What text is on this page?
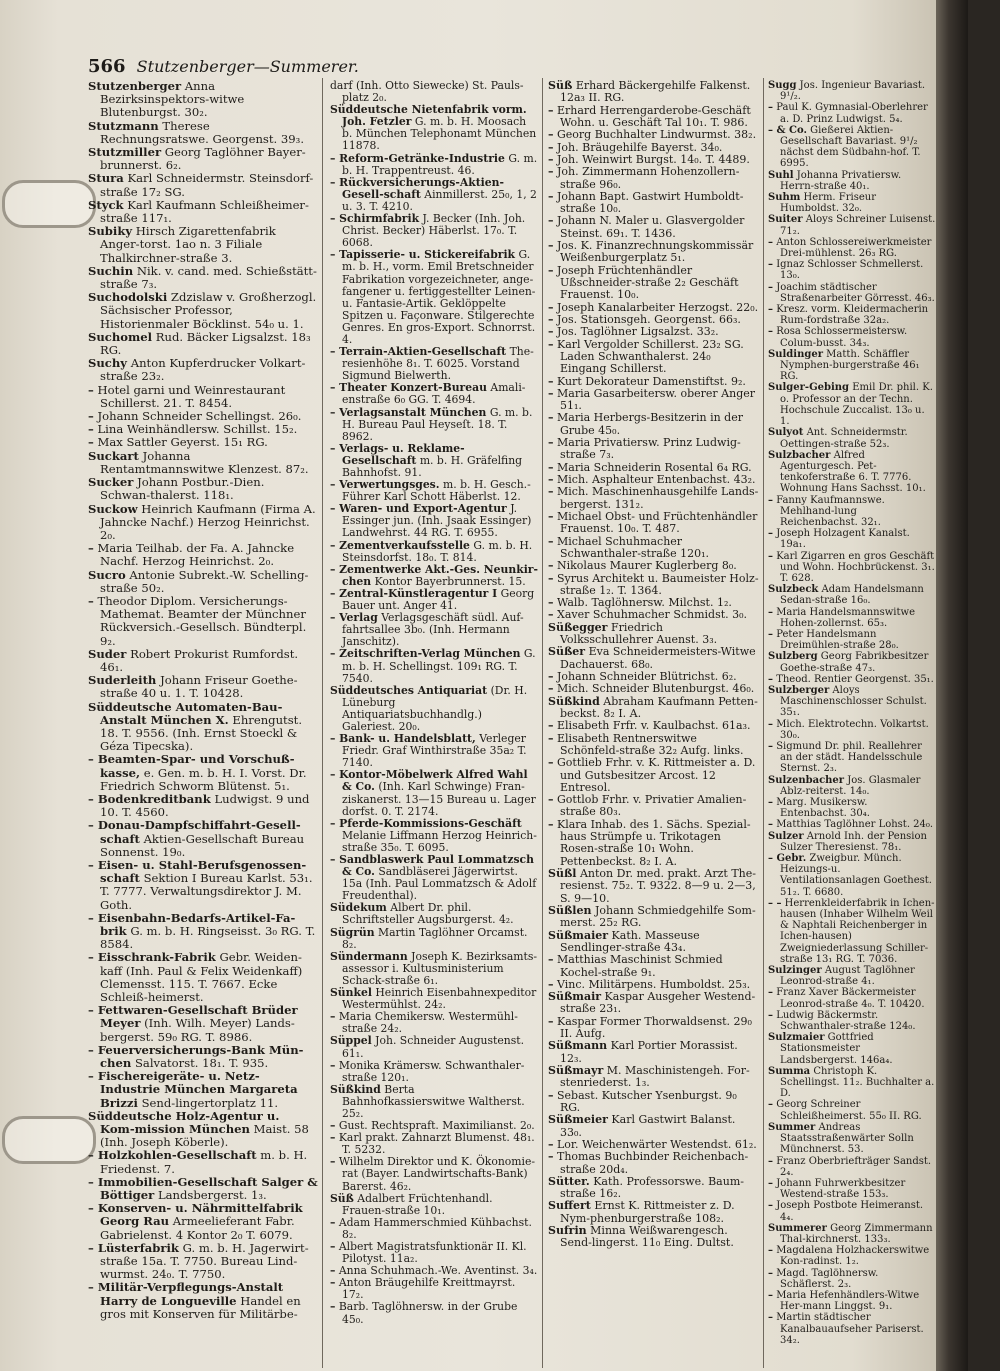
566 Stutzenberger—Summerer.

Stutzenberger Anna Bezirksinspektors-witwe Blutenburgst. 30₂.

Stutzmann Therese Rechnungsratswe. Georgenst. 39₃.

Stutzmiller Georg Taglöhner Bayer-brunnerst. 6₂.

Stura Karl Schneidermstr. Steinsdorf-straße 17₂ SG.

Styck Karl Kaufmann Schleißheimer-straße 117₁.

Subiky Hirsch Zigarettenfabrik Anger-torst. 1ao n. 3 Filiale Thalkirchner-straße 3.

Suchin Nik. v. cand. med. Schießstätt-straße 7₃.

Suchodolski Zdzislaw v. Großherzogl. Sächsischer Professor, Historienmaler Böcklinst. 54₀ u. 1.

Suchomel Rud. Bäcker Ligsalzst. 18₃ RG.

Suchy Anton Kupferdrucker Volkart-straße 23₂.

– Hotel garni und Weinrestaurant Schillerst. 21. T. 8454.

– Johann Schneider Schellingst. 26₀.

– Lina Weinhändlersw. Schillst. 15₂.

– Max Sattler Geyerst. 15₁ RG.

Suckart Johanna Rentamtmannswitwe Klenzest. 87₂.

Sucker Johann Postbur.-Dien. Schwan-thalerst. 118₁.

Suckow Heinrich Kaufmann (Firma A. Jahncke Nachf.) Herzog Heinrichst. 2₀.

– Maria Teilhab. der Fa. A. Jahncke Nachf. Herzog Heinrichst. 2₀.

Sucro Antonie Subrekt.-W. Schelling-straße 50₂.

– Theodor Diplom. Versicherungs-Mathemat. Beamter der Münchner Rückversich.-Gesellsch. Bündterpl. 9₂.

Suder Robert Prokurist Rumfordst. 46₁.

Suderleith Johann Friseur Goethe-straße 40 u. 1. T. 10428.

Süddeutsche Automaten-Bau-Anstalt München X. Ehrengutst. 18. T. 9556. (Inh. Ernst Stoeckl & Géza Tipecska).

– Beamten-Spar- und Vorschuß-kasse, e. Gen. m. b. H. I. Vorst. Dr. Friedrich Schworm Blütenst. 5₁.

– Bodenkreditbank Ludwigst. 9 und 10. T. 4560.

– Donau-Dampfschiffahrt-Gesell-schaft Aktien-Gesellschaft Bureau Sonnenst. 19₀.

– Eisen- u. Stahl-Berufsgenossen-schaft Sektion I Bureau Karlst. 53₁. T. 7777. Verwaltungsdirektor J. M. Goth.

– Eisenbahn-Bedarfs-Artikel-Fa-brik G. m. b. H. Ringseisst. 3₀ RG. T. 8584.

– Eisschrank-Fabrik Gebr. Weiden-kaff (Inh. Paul & Felix Weidenkaff) Clemensst. 115. T. 7667. Ecke Schleiß-heimerst.

– Fettwaren-Gesellschaft Brüder Meyer (Inh. Wilh. Meyer) Lands-bergerst. 59₀ RG. T. 8986.

– Feuerversicherungs-Bank Mün-chen Salvatorst. 18₁. T. 935.

– Fischereigeräte- u. Netz-Industrie München Margareta Brizzi Send-lingertorplatz 11.

Süddeutsche Holz-Agentur u. Kom-mission München Maist. 58 (Inh. Joseph Köberle).

– Holzkohlen-Gesellschaft m. b. H. Friedenst. 7.

– Immobilien-Gesellschaft Salger & Böttiger Landsbergerst. 1₃.

– Konserven- u. Nährmittelfabrik Georg Rau Armeelieferant Fabr. Gabrielenst. 4 Kontor 2₀ T. 6079.

– Lüsterfabrik G. m. b. H. Jagerwirt-straße 15a. T. 7750. Bureau Lind-wurmst. 24₀. T. 7750.

– Militär-Verpflegungs-Anstalt Harry de Longueville Handel en gros mit Konserven für Militärbe-

darf (Inh. Otto Siewecke) St. Pauls-platz 2₀.

Süddeutsche Nietenfabrik vorm. Joh. Fetzler G. m. b. H. Moosach b. München Telephonamt München 11878.

– Reform-Getränke-Industrie G. m. b. H. Trappentreust. 46.

– Rückversicherungs-Aktien-Gesell-schaft Ainmillerst. 25₀, 1, 2 u. 3. T. 4210.

– Schirmfabrik J. Becker (Inh. Joh. Christ. Becker) Häberlst. 17₀. T. 6068.

– Tapisserie- u. Stickereifabrik G. m. b. H., vorm. Emil Bretschneider Fabrikation vorgezeichneter, ange-fangener u. fertiggestellter Leinen- u. Fantasie-Artik. Geklöppelte Spitzen u. Façonware. Stilgerechte Genres. En gros-Export. Schnorrst. 4.

– Terrain-Aktien-Gesellschaft The-resienhöhe 8₁. T. 6025. Vorstand Sigmund Bielwerth.

– Theater Konzert-Bureau Amali-enstraße 6₀ GG. T. 4694.

– Verlagsanstalt München G. m. b. H. Bureau Paul Heyseſt. 18. T. 8962.

– Verlags- u. Reklame-Gesellschaft m. b. H. Gräfelfing Bahnhofst. 91.

– Verwertungsges. m. b. H. Gesch.-Führer Karl Schott Häberlst. 12.

– Waren- und Export-Agentur J. Essinger jun. (Inh. Jsaak Essinger) Landwehrst. 44 RG. T. 6955.

– Zementverkaufsstelle G. m. b. H. Steinsdorfst. 18₀. T. 814.

– Zementwerke Akt.-Ges. Neunkir-chen Kontor Bayerbrunnerst. 15.

– Zentral-Künstleragentur I Georg Bauer unt. Anger 41.

– Verlag Verlagsgeschäft südl. Auf-fahrtsallee 3b₀. (Inh. Hermann Janschitz).

– Zeitschriften-Verlag München G. m. b. H. Schellingst. 109₁ RG. T. 7540.

Süddeutsches Antiquariat (Dr. H. Lüneburg Antiquariatsbuchhandlg.) Galeriest. 20₀.

– Bank- u. Handelsblatt, Verleger Friedr. Graf Winthirstraße 35a₂ T. 7140.

– Kontor-Möbelwerk Alfred Wahl & Co. (Inh. Karl Schwinge) Fran-ziskanerst. 13—15 Bureau u. Lager dorfst. 0. T. 2174.

– Pferde-Kommissions-Geschäft Melanie Liffmann Herzog Heinrich-straße 35₀. T. 6095.

– Sandblaswerk Paul Lommatzsch & Co. Sandbläserei Jägerwirtst. 15a (Inh. Paul Lommatzsch & Adolf Freudenthal).

Südekum Albert Dr. phil. Schriftsteller Augsburgerst. 4₂.

Sügrün Martin Taglöhner Orcamst. 8₂.

Sündermann Joseph K. Bezirksamts-assessor i. Kultusministerium Schack-straße 6₁.

Sünkel Heinrich Eisenbahnexpeditor Westermühlst. 24₂.

– Maria Chemikersw. Westermühl-straße 24₂.

Süppel Joh. Schneider Augustenst. 61₁.

– Monika Krämersw. Schwanthaler-straße 120₁.

Süßkind Berta Bahnhofkassierswitwe Waltherst. 25₂.

– Gust. Rechtspraft. Maximilianst. 2₀.

– Karl prakt. Zahnarzt Blumenst. 48₁. T. 5232.

– Wilhelm Direktor und K. Ökonomie-rat (Bayer. Landwirtschafts-Bank) Barerst. 46₂.

Süß Adalbert Früchtenhandl. Frauen-straße 10₁.

– Adam Hammerschmied Kühbachst. 8₂.

– Albert Magistratsfunktionär II. Kl. Pilotyst. 11a₂.

– Anna Schuhmach.-We. Aventinst. 3₄.

– Anton Bräugehilfe Kreittmayrst. 17₂.

– Barb. Taglöhnersw. in der Grube 45₀.

Süß Erhard Bäckergehilfe Falkenst. 12a₃ II. RG.

– Erhard Herrengarderobe-Geschäft Wohn. u. Geschäft Tal 10₁. T. 986.

– Georg Buchhalter Lindwurmst. 38₂.

– Joh. Bräugehilfe Bayerst. 34₀.

– Joh. Weinwirt Burgst. 14₀. T. 4489.

– Joh. Zimmermann Hohenzollern-straße 96₀.

– Johann Bapt. Gastwirt Humboldt-straße 10₀.

– Johann N. Maler u. Glasvergolder Steinst. 69₁. T. 1436.

– Jos. K. Finanzrechnungskommissär Weißenburgerplatz 5₁.

– Joseph Früchtenhändler Ußschneider-straße 2₂ Geschäft Frauenst. 10₀.

– Joseph Kanalarbeiter Herzogst. 22₀.

– Jos. Stationsgeh. Georgenst. 66₃.

– Jos. Taglöhner Ligsalzst. 33₂.

– Karl Vergolder Schillerst. 23₂ SG. Laden Schwanthalerst. 24₀ Eingang Schillerst.

– Kurt Dekorateur Damenstiftst. 9₂.

– Maria Gasarbeitersw. oberer Anger 51₁.

– Maria Herbergs-Besitzerin in der Grube 45₀.

– Maria Privatiersw. Prinz Ludwig-straße 7₃.

– Maria Schneiderin Rosental 6₄ RG.

– Mich. Asphalteur Entenbachst. 43₂.

– Mich. Maschinenhausgehilfe Lands-bergerst. 131₂.

– Michael Obst- und Früchtenhändler Frauenst. 10₀. T. 487.

– Michael Schuhmacher Schwanthaler-straße 120₁.

– Nikolaus Maurer Kuglerberg 8₀.

– Syrus Architekt u. Baumeister Holz-straße 1₂. T. 1364.

– Walb. Taglöhnersw. Milchst. 1₂.

– Xaver Schuhmacher Schmidst. 3₀.

Süßegger Friedrich Volksschullehrer Auenst. 3₃.

Süßer Eva Schneidermeisters-Witwe Dachauerst. 68₀.

– Johann Schneider Blütrichst. 6₂.

– Mich. Schneider Blutenburgst. 46₀.

Süßkind Abraham Kaufmann Petten-beckst. 8₂ I. A.

– Elisabeth Frfr. v. Kaulbachst. 61a₃.

– Elisabeth Rentnerswitwe Schönfeld-straße 32₂ Aufg. links.

– Gottlieb Frhr. v. K. Rittmeister a. D. und Gutsbesitzer Arcost. 12 Entresol.

– Gottlob Frhr. v. Privatier Amalien-straße 80₃.

– Klara Inhab. des 1. Sächs. Spezial-haus Strümpfe u. Trikotagen Rosen-straße 10₁ Wohn. Pettenbeckst. 8₂ I. A.

Süßl Anton Dr. med. prakt. Arzt The-resienst. 75₂. T. 9322. 8—9 u. 2—3, S. 9—10.

Süßlen Johann Schmiedgehilfe Som-merst. 25₂ RG.

Süßmaier Kath. Masseuse Sendlinger-straße 43₄.

– Matthias Maschinist Schmied Kochel-straße 9₁.

– Vinc. Militärpens. Humboldst. 25₃.

Süßmair Kaspar Ausgeher Westend-straße 23₁.

– Kaspar Former Thorwaldsenst. 29₀ II. Aufg.

Süßmann Karl Portier Morassist. 12₃.

Süßmayr M. Maschinistengeh. For-stenriederst. 1₃.

– Sebast. Kutscher Ysenburgst. 9₀ RG.

Süßmeier Karl Gastwirt Balanst. 33₀.

– Lor. Weichenwärter Westendst. 61₂.

– Thomas Buchbinder Reichenbach-straße 20d₄.

Sütter. Kath. Professorswe. Baum-straße 16₂.

Suffert Ernst K. Rittmeister z. D. Nym-phenburgerstraße 108₂.

Sufrin Minna Weißwarengesch. Send-lingerst. 11₀ Eing. Dultst.

Sugg Jos. Ingenieur Bavariast. 9¹/₂.

– Paul K. Gymnasial-Oberlehrer a. D. Prinz Ludwigst. 5₄.

– & Co. Gießerei Aktien-Gesellschaft Bavariast. 9¹/₂ nächst dem Südbahn-hof. T. 6995.

Suhl Johanna Privatiersw. Herrn-straße 40₁.

Suhm Herm. Friseur Humboldst. 32₀.

Suiter Aloys Schreiner Luisenst. 71₂.

– Anton Schlossereiwerkmeister Drei-mühlenst. 26₃ RG.

– Ignaz Schlosser Schmellerst. 13₀.

– Joachim städtischer Straßenarbeiter Görresst. 46₃.

– Kresz. vorm. Kleidermacherin Rum-fordstraße 32a₂.

– Rosa Schlossermeistersw. Colum-busst. 34₃.

Suldinger Matth. Schäffler Nymphen-burgerstraße 46₁ RG.

Sulger-Gebing Emil Dr. phil. K. o. Professor an der Techn. Hochschule Zuccalist. 13₀ u. 1.

Sulyot Ant. Schneidermstr. Oettingen-straße 52₃.

Sulzbacher Alfred Agenturgesch. Pet-tenkoferstraße 6. T. 7776. Wohnung Hans Sachsst. 10₁.

– Fanny Kaufmannswe. Mehlhand-lung Reichenbachst. 32₁.

– Joseph Holzagent Kanalst. 19a₁.

– Karl Zigarren en gros Geschäft und Wohn. Hochbrückenst. 3₁. T. 628.

Sulzbeck Adam Handelsmann Sedan-straße 16₀.

– Maria Handelsmannswitwe Hohen-zollernst. 65₃.

– Peter Handelsmann Dreimühlen-straße 28₀.

Sulzberg Georg Fabrikbesitzer Goethe-straße 47₃.

– Theod. Rentier Georgenst. 35₁.

Sulzberger Aloys Maschinenschlosser Schulst. 35₁.

– Mich. Elektrotechn. Volkartst. 30₀.

– Sigmund Dr. phil. Reallehrer an der städt. Handelsschule Sternst. 2₃.

Sulzenbacher Jos. Glasmaler Ablz-reiterst. 14₀.

– Marg. Musikersw. Entenbachst. 30₄.

– Matthias Taglöhner Lohst. 24₀.

Sulzer Arnold Inh. der Pension Sulzer Theresienst. 78₁.

– Gebr. Zweigbur. Münch. Heizungs-u. Ventilationsanlagen Goethest. 51₂. T. 6680.

– – Herrenkleiderfabrik in Ichen-hausen (Inhaber Wilhelm Weil & Naphtali Reichenberger in Ichen-hausen) Zweigniederlassung Schiller-straße 13₁ RG. T. 7036.

Sulzinger August Taglöhner Leonrod-straße 4₁.

– Franz Xaver Bäckermeister Leonrod-straße 4₀. T. 10420.

– Ludwig Bäckermstr. Schwanthaler-straße 124₀.

Sulzmaier Gottfried Stationsmeister Landsbergerst. 146a₄.

Summa Christoph K. Schellingst. 11₂. Buchhalter a. D.

– Georg Schreiner Schleißheimerst. 55₀ II. RG.

Summer Andreas Staatsstraßenwärter Solln Münchnerst. 53.

– Franz Oberbriefträger Sandst. 2₄.

– Johann Fuhrwerkbesitzer Westend-straße 153₃.

– Joseph Postbote Heimeranst. 4₄.

Summerer Georg Zimmermann Thal-kirchnerst. 133₃.

– Magdalena Holzhackerswitwe Kon-radinst. 1₂.

– Magd. Taglöhnersw. Schäflerst. 2₃.

– Maria Hefenhändlers-Witwe Her-mann Linggst. 9₁.

– Martin städtischer Kanalbauaufseher Pariserst. 34₂.
